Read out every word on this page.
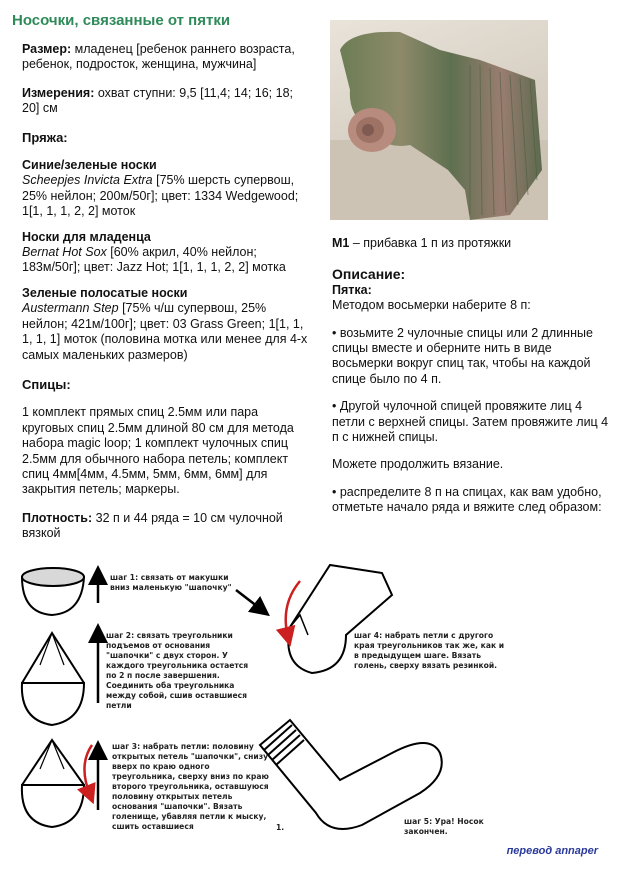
Носочки, связанные от пятки

Размер: младенец [ребенок раннего возраста, ребенок, подросток, женщина, мужчина]

Измерения: охват ступни: 9,5 [11,4; 14; 16; 18; 20] см

Пряжа:
Синие/зеленые носки
Scheepjes Invicta Extra [75% шерсть супервош, 25% нейлон; 200м/50г]; цвет: 1334 Wedgewood; 1[1, 1, 1, 2, 2] моток
Носки для младенца
Bernat Hot Sox [60% акрил, 40% нейлон; 183м/50г]; цвет: Jazz Hot; 1[1, 1, 1, 2, 2] мотка
Зеленые полосатые носки
Austermann Step [75% ч/ш супервош, 25% нейлон; 421м/100г]; цвет: 03 Grass Green; 1[1, 1, 1, 1, 1] моток (половина мотка или менее для 4-х самых маленьких размеров)
Спицы:

1 комплект прямых спиц 2.5мм или пара круговых спиц 2.5мм длиной 80 см для метода набора magic loop; 1 комплект чулочных спиц 2.5мм для обычного набора петель; комплект спиц 4мм[4мм, 4.5мм, 5мм, 6мм, 6мм] для закрытия петель; маркеры.

Плотность: 32 п и 44 ряда = 10 см чулочной вязкой

M1 – прибавка 1 п из протяжки

Описание:
Пятка:

Методом восьмерки наберите 8 п:

• возьмите 2 чулочные спицы или 2 длинные спицы вместе и оберните нить в виде восьмерки вокруг спиц так, чтобы на каждой спице было по 4 п.

• Другой чулочной спицей провяжите лиц 4 петли с верхней спицы. Затем провяжите лиц 4 п с нижней спицы.

Можете продолжить вязание.

• распределите 8 п на спицах, как вам удобно, отметьте начало ряда и вяжите след образом:

шаг 1: связать от макушки вниз маленькую "шапочку"
шаг 2: связать треугольники подъемов от основания "шапочки" с двух сторон. У каждого треугольника остается по 2 п после завершения. Соединить оба треугольника между собой, сшив оставшиеся петли
шаг 3: набрать петли: половину открытых петель "шапочки", снизу вверх по краю одного треугольника, сверху вниз по краю второго треугольника, оставшуюся половину открытых петель основания "шапочки". Вязать голенище, убавляя петли к мыску, сшить оставшиеся
шаг 4: набрать петли с другого края треугольников так же, как и в предыдущем шаге. Вязать голень, сверху вязать резинкой.
шаг 5: Ура! Носок закончен.
1.
перевод annaper
